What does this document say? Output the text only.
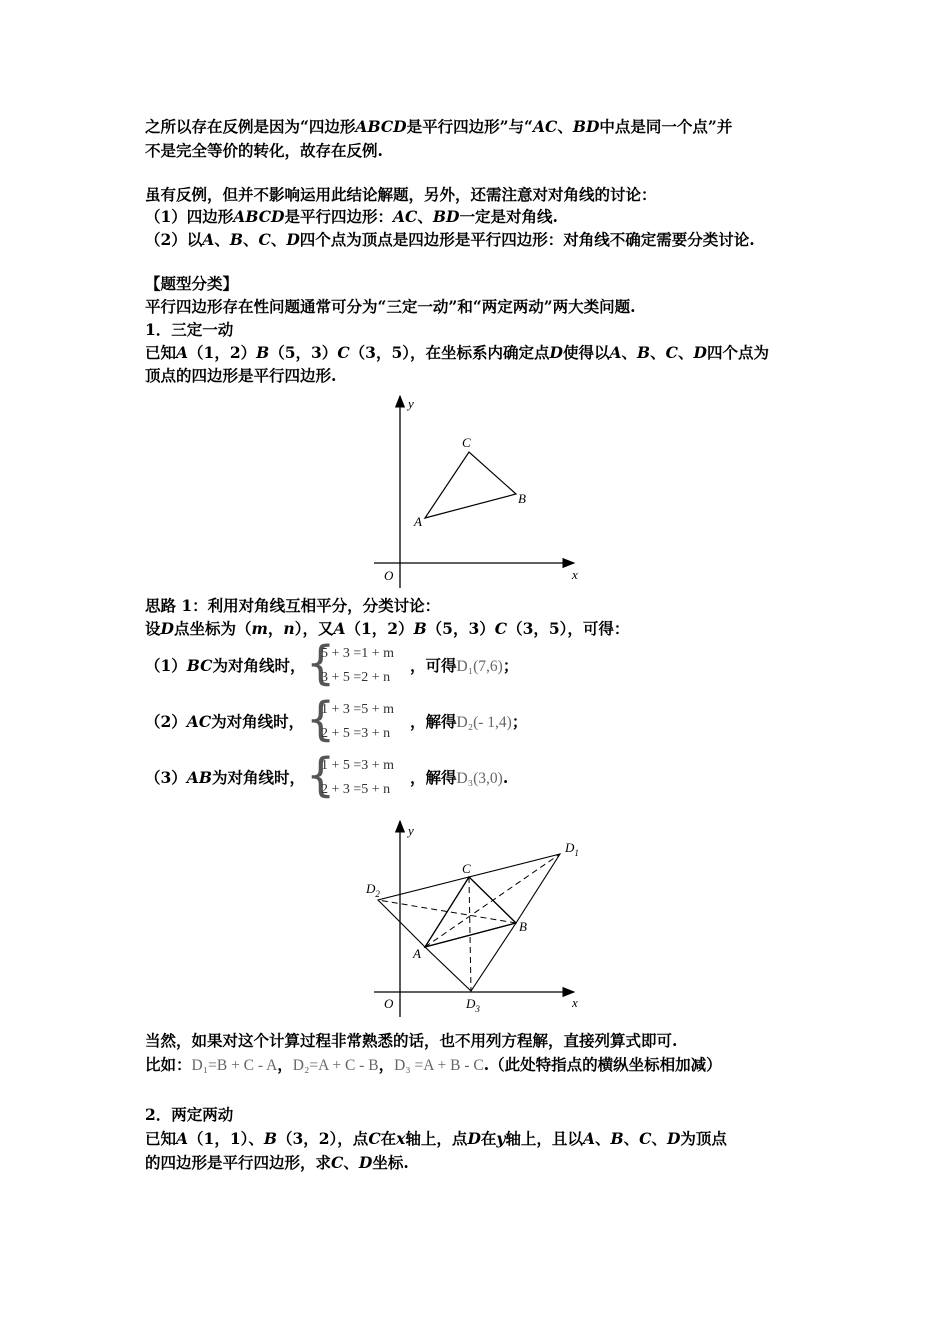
之所以存在反例是因为“四边形ABCD是平行四边形”与“AC、BD中点是同一个点”并
不是完全等价的转化，故存在反例.
虽有反例，但并不影响运用此结论解题，另外，还需注意对对角线的讨论：
（1）四边形ABCD是平行四边形：AC、BD一定是对角线.
（2）以A、B、C、D四个点为顶点是四边形是平行四边形：对角线不确定需要分类讨论.
【题型分类】
平行四边形存在性问题通常可分为“三定一动”和“两定两动”两大类问题.
1．三定一动
已知A（1，2）B（5，3）C（3，5），在坐标系内确定点D使得以A、B、C、D四个点为
顶点的四边形是平行四边形.
y
x
O
A
B
C
思路 1：利用对角线互相平分，分类讨论：
设D点坐标为（m，n），又A（1，2）B（5，3）C（3，5），可得：
（1）BC为对角线时， {
5 + 3 =1 + m
3 + 5 =2 + n
，可得D₁(7,6)；
（2）AC为对角线时， {
1 + 3 =5 + m
2 + 5 =3 + n
，解得D₂(- 1,4)；
（3）AB为对角线时， {
1 + 5 =3 + m
2 + 3 =5 + n
，解得D₃(3,0).
y
x
O
A
B
C
$D_1$
$D_2$
$D_3$
当然，如果对这个计算过程非常熟悉的话，也不用列方程解，直接列算式即可.
比如：D₁=B + C - A，D₂=A + C - B，D₃ =A + B - C.（此处特指点的横纵坐标相加减）
2．两定两动
已知A（1，1）、B（3，2），点C在x轴上，点D在y轴上，且以A、B、C、D为顶点
的四边形是平行四边形，求C、D坐标.
